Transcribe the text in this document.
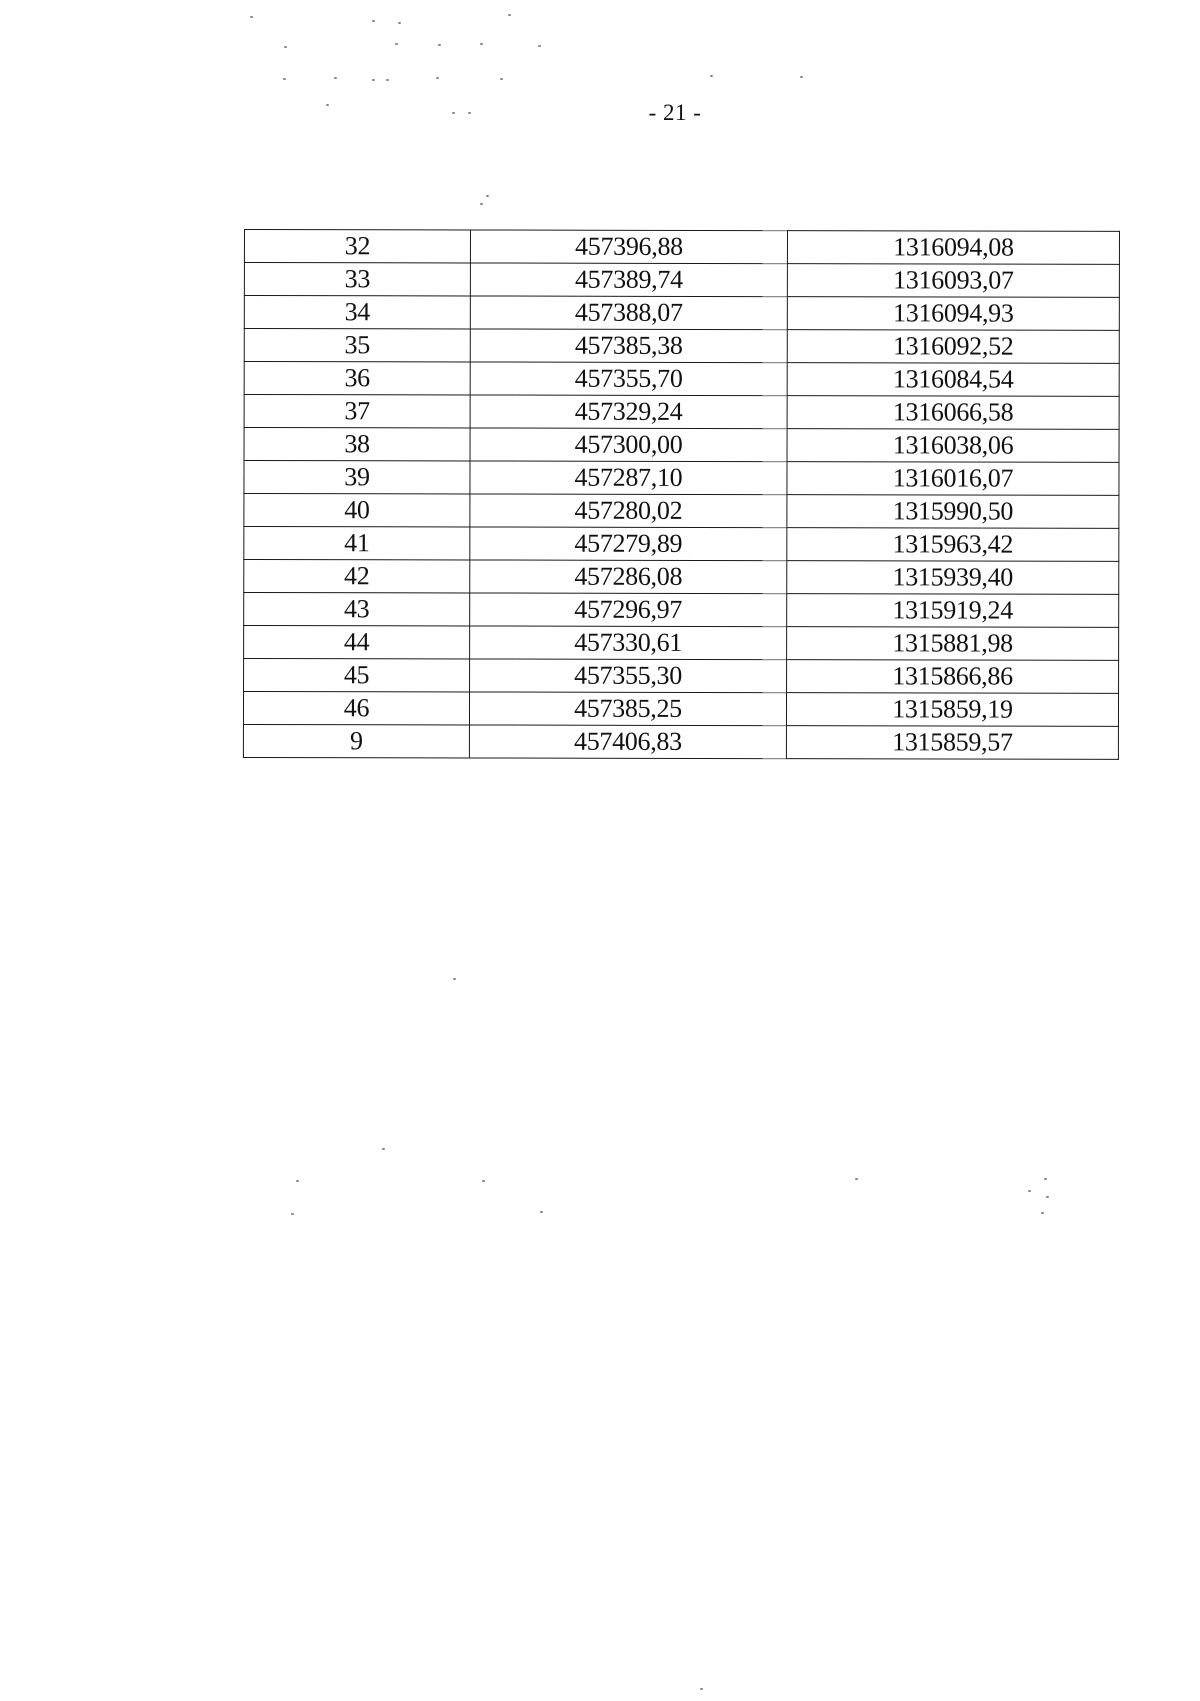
- 21 -
32	457396,88	1316094,08
33	457389,74	1316093,07
34	457388,07	1316094,93
35	457385,38	1316092,52
36	457355,70	1316084,54
37	457329,24	1316066,58
38	457300,00	1316038,06
39	457287,10	1316016,07
40	457280,02	1315990,50
41	457279,89	1315963,42
42	457286,08	1315939,40
43	457296,97	1315919,24
44	457330,61	1315881,98
45	457355,30	1315866,86
46	457385,25	1315859,19
9	457406,83	1315859,57
